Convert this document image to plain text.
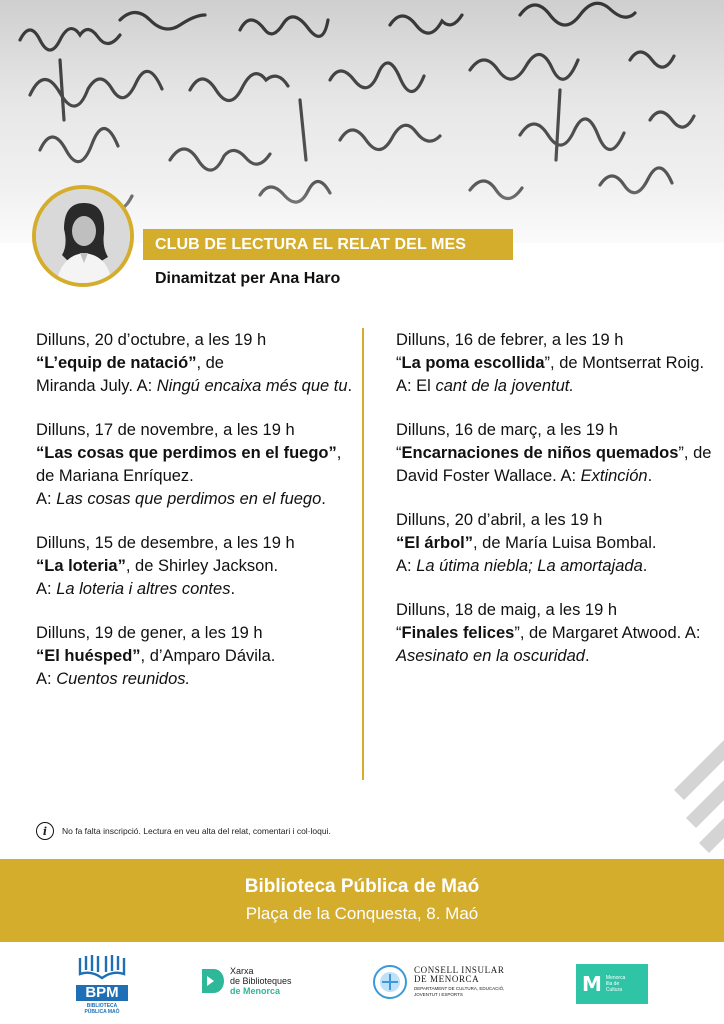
CLUB DE LECTURA EL RELAT DEL MES
Dinamitzat per Ana Haro

Dilluns, 20 d’octubre, a les 19 h

“L’equip de natació”, de

Miranda July. A: Ningú encaixa més que tu.

Dilluns, 17 de novembre, a les 19 h

“Las cosas que perdimos en el fuego”, de Mariana Enríquez.

A: Las cosas que perdimos en el fuego.

Dilluns, 15 de desembre, a les 19 h

“La loteria”, de Shirley Jackson.

A: La loteria i altres contes.

Dilluns, 19 de gener, a les 19 h

“El huésped”, d’Amparo Dávila.

A: Cuentos reunidos.

Dilluns, 16 de febrer, a les 19 h

“La poma escollida”, de Montserrat Roig. A: El cant de la joventut.

Dilluns, 16 de març, a les 19 h

“Encarnaciones de niños quemados”, de David Foster Wallace. A: Extinción.

Dilluns, 20 d’abril, a les 19 h

“El árbol”, de María Luisa Bombal.

A: La útima niebla; La amortajada.

Dilluns, 18 de maig, a les 19 h

“Finales felices”, de Margaret Atwood. A: Asesinato en la oscuridad.

i	No fa falta inscripció. Lectura en veu alta del relat, comentari i col·loqui.
Biblioteca Pública de Maó
Plaça de la Conquesta, 8. Maó
BPM
BIBLIOTECA
PÚBLICA MAÓ
Xarxa
de Biblioteques
de Menorca
CONSELL INSULAR
DE MENORCA
DEPARTAMENT DE CULTURA, EDUCACIÓ,
JOVENTUT I ESPORTS	M Menorca
Illa de
Cultura
